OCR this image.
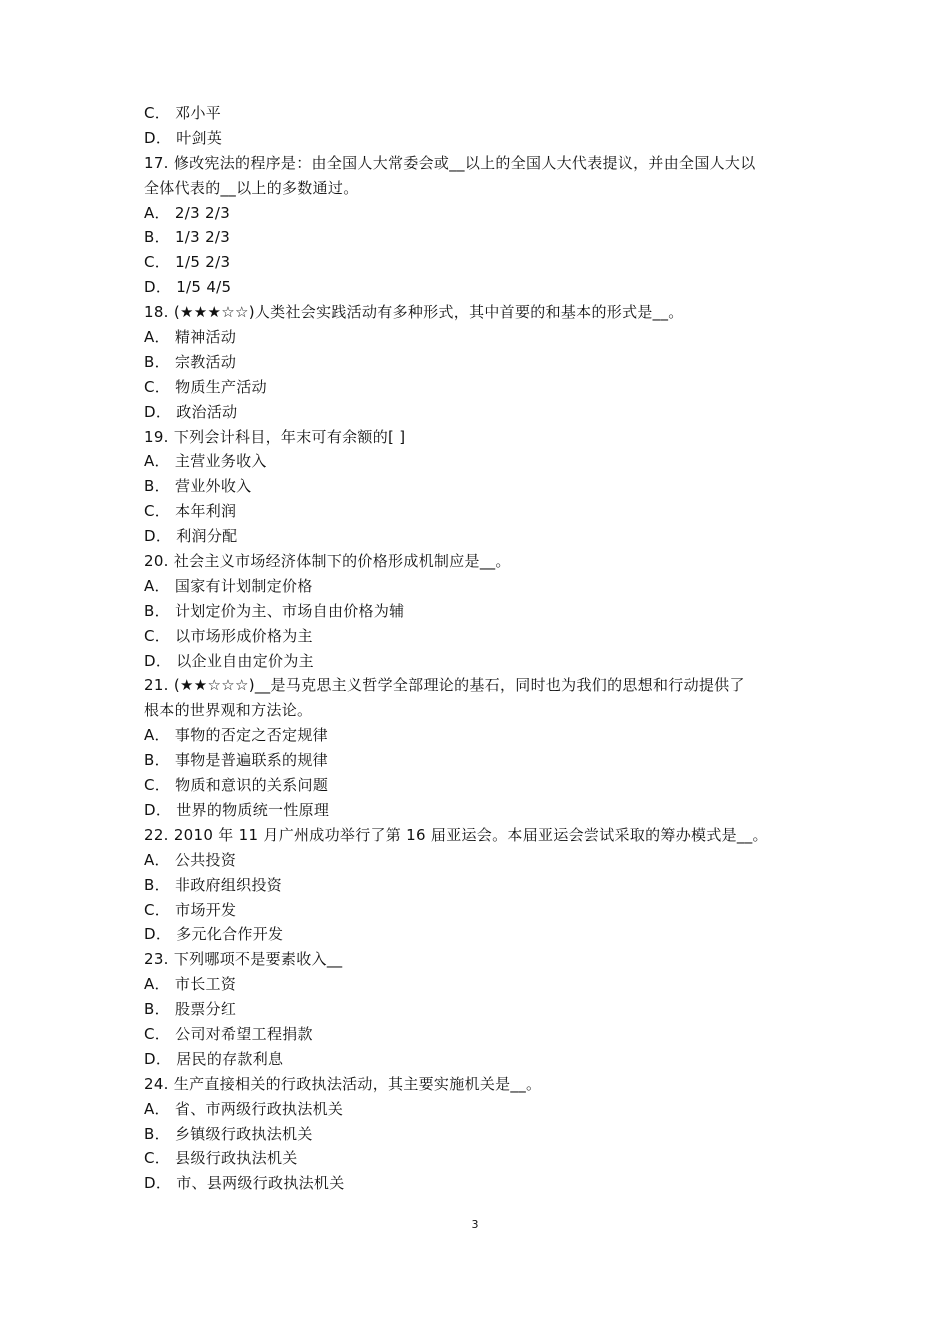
C． 邓小平
D． 叶剑英
17. 修改宪法的程序是：由全国人大常委会或__以上的全国人大代表提议，并由全国人大以
全体代表的__以上的多数通过。
A． 2/3 2/3
B． 1/3 2/3
C． 1/5 2/3
D． 1/5 4/5
18. (★★★☆☆)人类社会实践活动有多种形式，其中首要的和基本的形式是__。
A． 精神活动
B． 宗教活动
C． 物质生产活动
D． 政治活动
19. 下列会计科目，年末可有余额的[ ]
A． 主营业务收入
B． 营业外收入
C． 本年利润
D． 利润分配
20. 社会主义市场经济体制下的价格形成机制应是__。
A． 国家有计划制定价格
B． 计划定价为主、市场自由价格为辅
C． 以市场形成价格为主
D． 以企业自由定价为主
21. (★★☆☆☆)__是马克思主义哲学全部理论的基石，同时也为我们的思想和行动提供了
根本的世界观和方法论。
A． 事物的否定之否定规律
B． 事物是普遍联系的规律
C． 物质和意识的关系问题
D． 世界的物质统一性原理
22. 2010 年 11 月广州成功举行了第 16 届亚运会。本届亚运会尝试采取的筹办模式是__。
A． 公共投资
B． 非政府组织投资
C． 市场开发
D． 多元化合作开发
23. 下列哪项不是要素收入__
A． 市长工资
B． 股票分红
C． 公司对希望工程捐款
D． 居民的存款利息
24. 生产直接相关的行政执法活动，其主要实施机关是__。
A． 省、市两级行政执法机关
B． 乡镇级行政执法机关
C． 县级行政执法机关
D． 市、县两级行政执法机关
3
